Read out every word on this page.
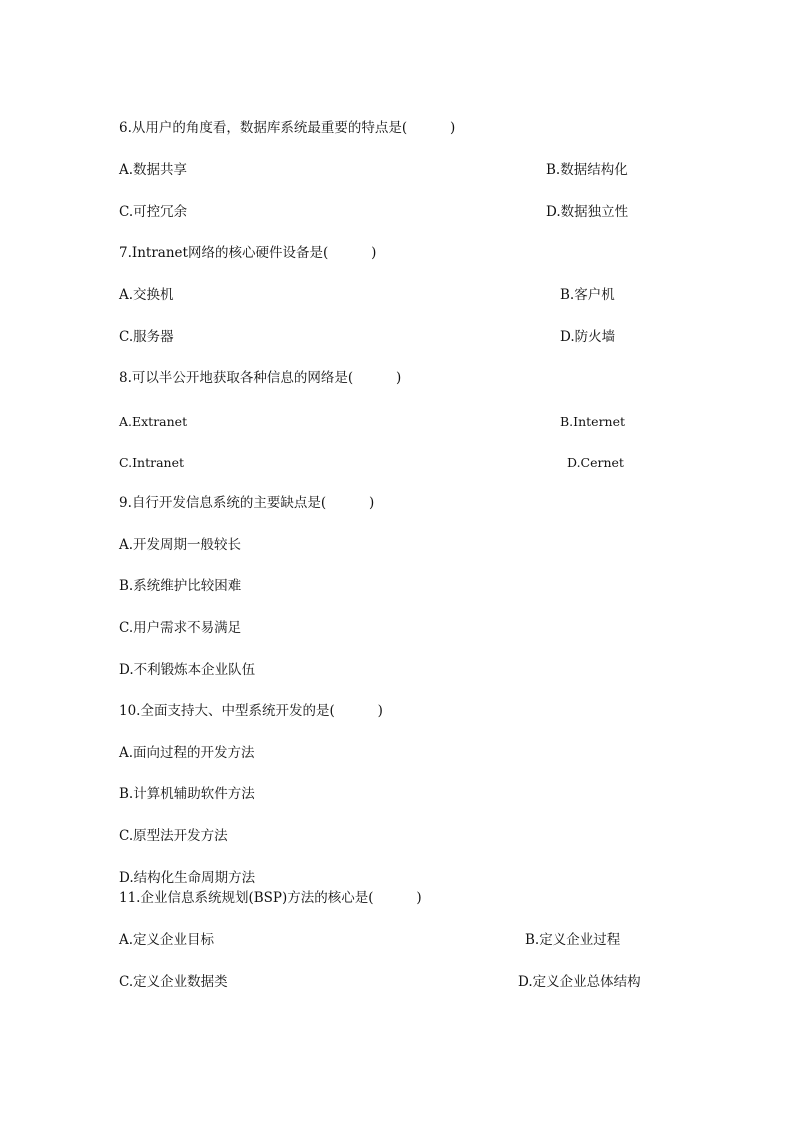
6.从用户的角度看，数据库系统最重要的特点是(          )
A.数据共享	B.数据结构化
C.可控冗余	D.数据独立性
7.Intranet网络的核心硬件设备是(          )
A.交换机	B.客户机
C.服务器	D.防火墙
8.可以半公开地获取各种信息的网络是(          )
A.Extranet	B.Internet
C.Intranet	D.Cernet
9.自行开发信息系统的主要缺点是(          )
A.开发周期一般较长
B.系统维护比较困难
C.用户需求不易满足
D.不利锻炼本企业队伍
10.全面支持大、中型系统开发的是(          )
A.面向过程的开发方法
B.计算机辅助软件方法
C.原型法开发方法
D.结构化生命周期方法
11.企业信息系统规划(BSP)方法的核心是(          )
A.定义企业目标	B.定义企业过程
C.定义企业数据类	D.定义企业总体结构
